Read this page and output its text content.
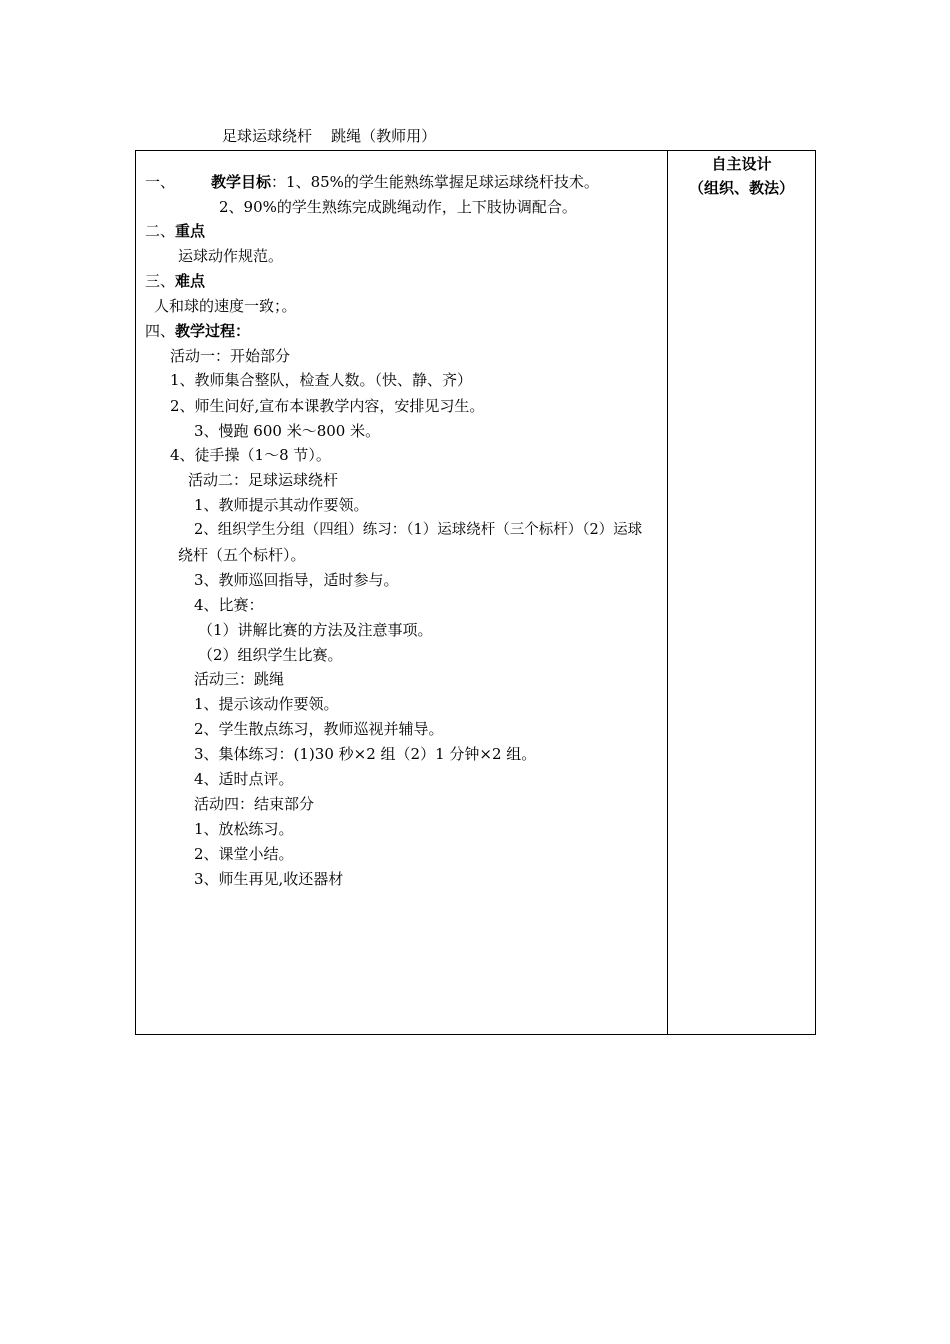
足球运球绕杆    跳绳（教师用）
自主设计
（组织、教法）
一、 教学目标：1、85%的学生能熟练掌握足球运球绕杆技术。
2、90%的学生熟练完成跳绳动作，上下肢协调配合。
二、重点
运球动作规范。
三、难点
人和球的速度一致；。
四、教学过程：
活动一：开始部分
1、教师集合整队，检查人数。（快、静、齐）
2、师生问好,宣布本课教学内容，安排见习生。
3、慢跑 600 米～800 米。
4、徒手操（1～8 节）。
活动二：足球运球绕杆
1、教师提示其动作要领。
2、组织学生分组（四组）练习：（1）运球绕杆（三个标杆）（2）运球
绕杆（五个标杆）。
3、教师巡回指导，适时参与。
4、比赛：
（1）讲解比赛的方法及注意事项。
（2）组织学生比赛。
活动三：跳绳
1、提示该动作要领。
2、学生散点练习，教师巡视并辅导。
3、集体练习：(1)30 秒×2 组（2）1 分钟×2 组。
4、适时点评。
活动四：结束部分
1、放松练习。
2、课堂小结。
3、师生再见,收还器材
